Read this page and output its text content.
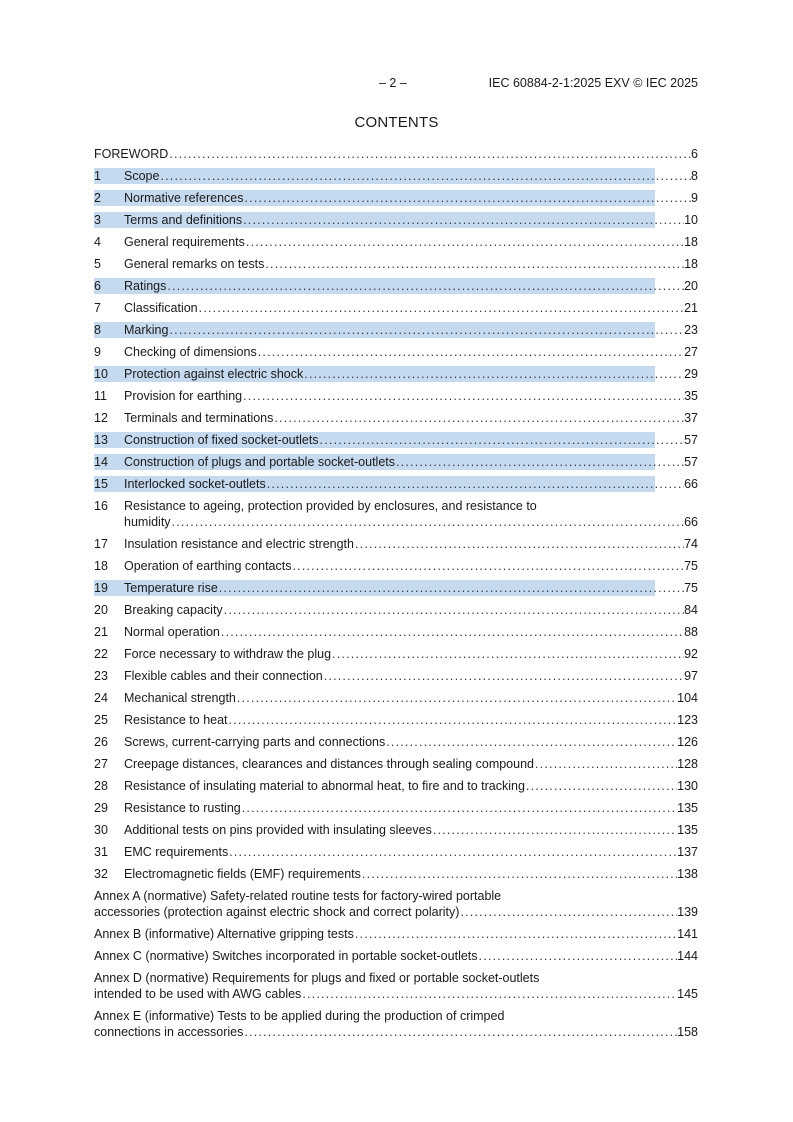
– 2 –	IEC 60884-2-1:2025 EXV © IEC 2025
CONTENTS
FOREWORD .....	6
1	Scope .....	8
2	Normative references .....	9
3	Terms and definitions .....	10
4	General requirements .....	18
5	General remarks on tests .....	18
6	Ratings .....	20
7	Classification .....	21
8	Marking .....	23
9	Checking of dimensions .....	27
10	Protection against electric shock .....	29
11	Provision for earthing .....	35
12	Terminals and terminations .....	37
13	Construction of fixed socket-outlets .....	57
14	Construction of plugs and portable socket-outlets .....	57
15	Interlocked socket-outlets .....	66
16	Resistance to ageing, protection provided by enclosures, and resistance to
humidity .....	66
17	Insulation resistance and electric strength .....	74
18	Operation of earthing contacts .....	75
19	Temperature rise .....	75
20	Breaking capacity .....	84
21	Normal operation .....	88
22	Force necessary to withdraw the plug .....	92
23	Flexible cables and their connection .....	97
24	Mechanical strength .....	104
25	Resistance to heat .....	123
26	Screws, current-carrying parts and connections .....	126
27	Creepage distances, clearances and distances through sealing compound .....	128
28	Resistance of insulating material to abnormal heat, to fire and to tracking .....	130
29	Resistance to rusting .....	135
30	Additional tests on pins provided with insulating sleeves .....	135
31	EMC requirements .....	137
32	Electromagnetic fields (EMF) requirements .....	138
Annex A (normative) Safety-related routine tests for factory-wired portable
accessories (protection against electric shock and correct polarity) .....	139
Annex B (informative) Alternative gripping tests .....	141
Annex C (normative) Switches incorporated in portable socket-outlets .....	144
Annex D (normative) Requirements for plugs and fixed or portable socket-outlets
intended to be used with AWG cables .....	145
Annex E (informative) Tests to be applied during the production of crimped
connections in accessories .....	158
